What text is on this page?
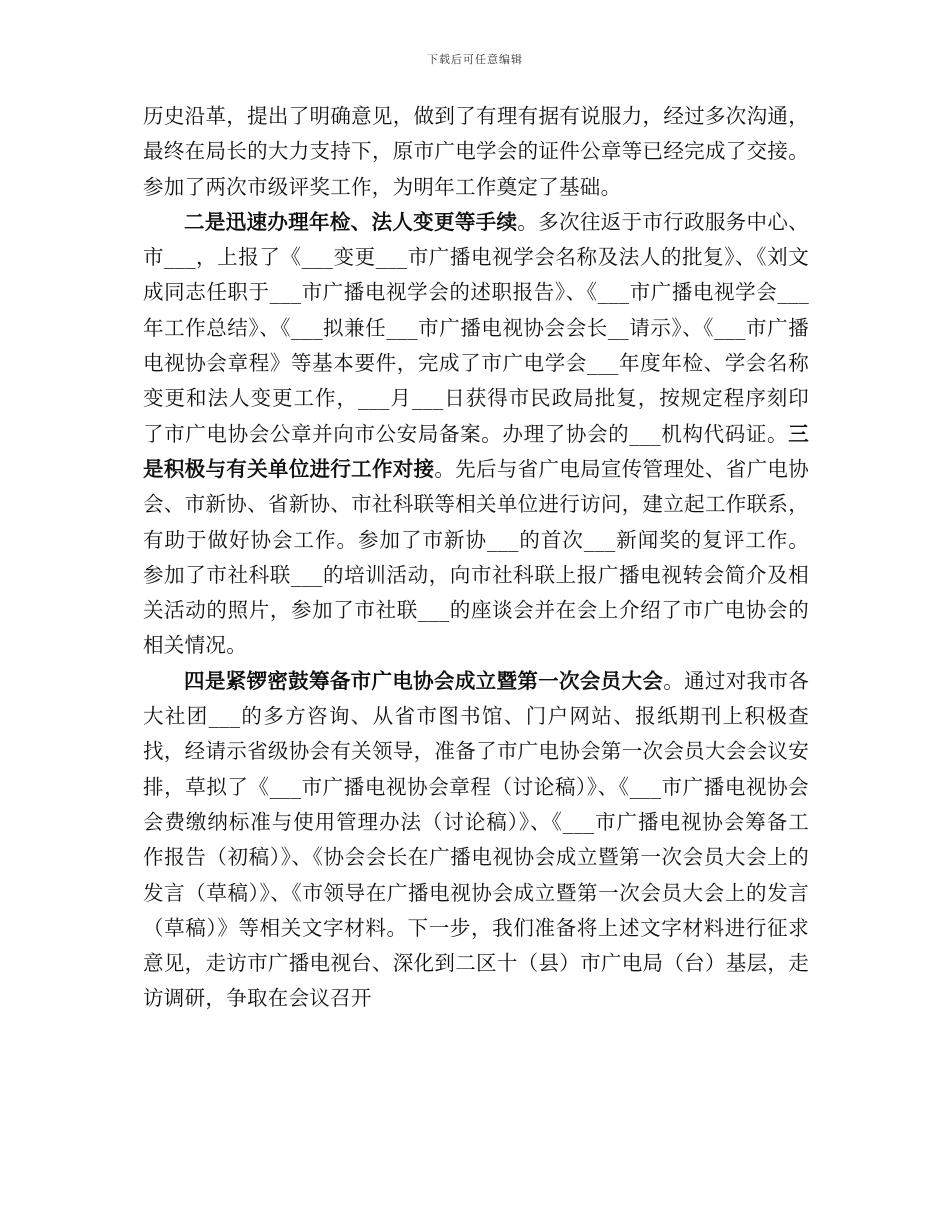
下载后可任意编辑

历史沿革，提出了明确意见，做到了有理有据有说服力，经过多次沟通，最终在局长的大力支持下，原市广电学会的证件公章等已经完成了交接。参加了两次市级评奖工作，为明年工作奠定了基础。

二是迅速办理年检、法人变更等手续。多次往返于市行政服务中心、市___，上报了《___变更___市广播电视学会名称及法人的批复》、《刘文成同志任职于___市广播电视学会的述职报告》、《___市广播电视学会___年工作总结》、《___拟兼任___市广播电视协会会长__请示》、《___市广播电视协会章程》等基本要件，完成了市广电学会___年度年检、学会名称变更和法人变更工作，___月___日获得市民政局批复，按规定程序刻印了市广电协会公章并向市公安局备案。办理了协会的___机构代码证。三是积极与有关单位进行工作对接。先后与省广电局宣传管理处、省广电协会、市新协、省新协、市社科联等相关单位进行访问，建立起工作联系，有助于做好协会工作。参加了市新协___的首次___新闻奖的复评工作。参加了市社科联___的培训活动，向市社科联上报广播电视转会简介及相关活动的照片，参加了市社联___的座谈会并在会上介绍了市广电协会的相关情况。

四是紧锣密鼓筹备市广电协会成立暨第一次会员大会。通过对我市各大社团___的多方咨询、从省市图书馆、门户网站、报纸期刊上积极查找，经请示省级协会有关领导，准备了市广电协会第一次会员大会会议安排，草拟了《___市广播电视协会章程（讨论稿）》、《___市广播电视协会会费缴纳标准与使用管理办法（讨论稿）》、《___市广播电视协会筹备工作报告（初稿）》、《协会会长在广播电视协会成立暨第一次会员大会上的发言（草稿）》、《市领导在广播电视协会成立暨第一次会员大会上的发言（草稿）》等相关文字材料。下一步，我们准备将上述文字材料进行征求意见，走访市广播电视台、深化到二区十（县）市广电局（台）基层，走访调研，争取在会议召开
